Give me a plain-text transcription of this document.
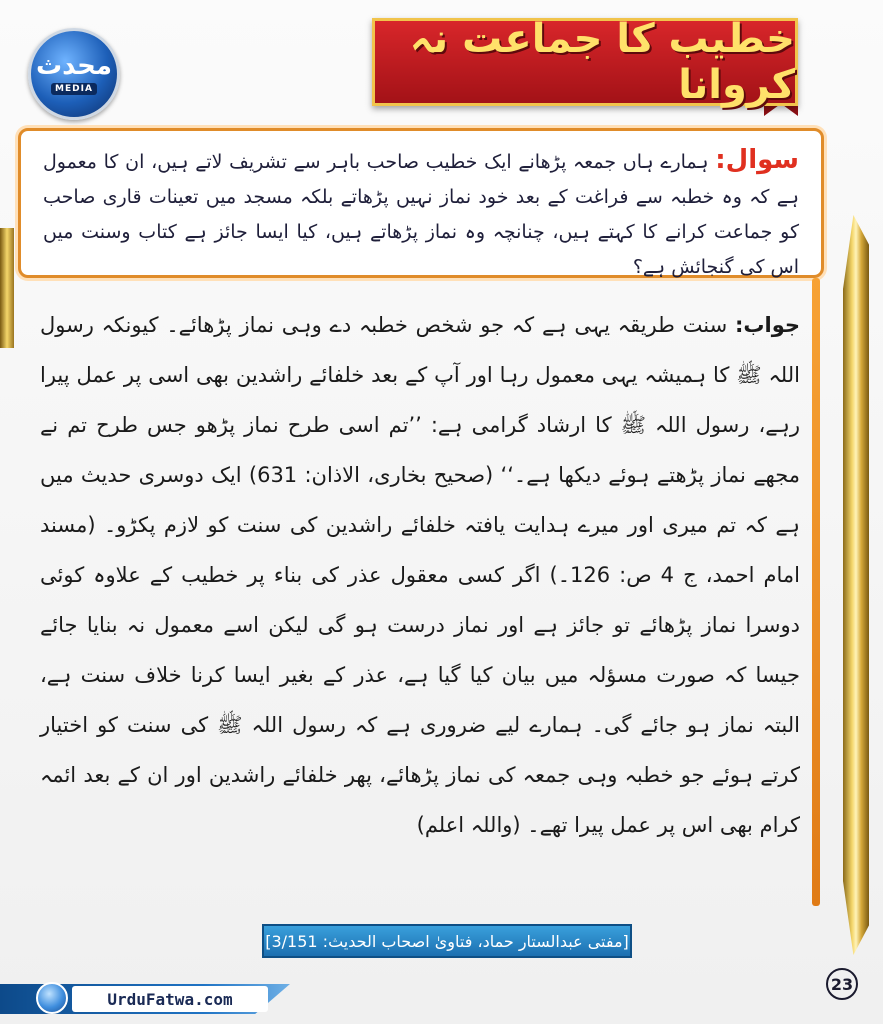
محدث
MEDIA
خطیب کا جماعت نہ کروانا

سوال: ہمارے ہاں جمعہ پڑھانے ایک خطیب صاحب باہر سے تشریف لاتے ہیں، ان کا معمول ہے کہ وہ خطبہ سے فراغت کے بعد خود نماز نہیں پڑھاتے بلکہ مسجد میں تعینات قاری صاحب کو جماعت کرانے کا کہتے ہیں، چنانچہ وہ نماز پڑھاتے ہیں، کیا ایسا جائز ہے کتاب وسنت میں اس کی گنجائش ہے؟

جواب: سنت طریقہ یہی ہے کہ جو شخص خطبہ دے وہی نماز پڑھائے۔ کیونکہ رسول اللہ ﷺ کا ہمیشہ یہی معمول رہا اور آپ کے بعد خلفائے راشدین بھی اسی پر عمل پیرا رہے، رسول اللہ ﷺ کا ارشاد گرامی ہے: ’’تم اسی طرح نماز پڑھو جس طرح تم نے مجھے نماز پڑھتے ہوئے دیکھا ہے۔‘‘ (صحیح بخاری، الاذان: 631) ایک دوسری حدیث میں ہے کہ تم میری اور میرے ہدایت یافتہ خلفائے راشدین کی سنت کو لازم پکڑو۔ (مسند امام احمد، ج 4 ص: 126۔) اگر کسی معقول عذر کی بناء پر خطیب کے علاوہ کوئی دوسرا نماز پڑھائے تو جائز ہے اور نماز درست ہو گی لیکن اسے معمول نہ بنایا جائے جیسا کہ صورت مسؤلہ میں بیان کیا گیا ہے، عذر کے بغیر ایسا کرنا خلاف سنت ہے، البتہ نماز ہو جائے گی۔ ہمارے لیے ضروری ہے کہ رسول اللہ ﷺ کی سنت کو اختیار کرتے ہوئے جو خطبہ وہی جمعہ کی نماز پڑھائے، پھر خلفائے راشدین اور ان کے بعد ائمہ کرام بھی اس پر عمل پیرا تھے۔ (واللہ اعلم)

[مفتی عبدالستار حماد، فتاویٰ اصحاب الحدیث: 3/151]
UrduFatwa.com
23
